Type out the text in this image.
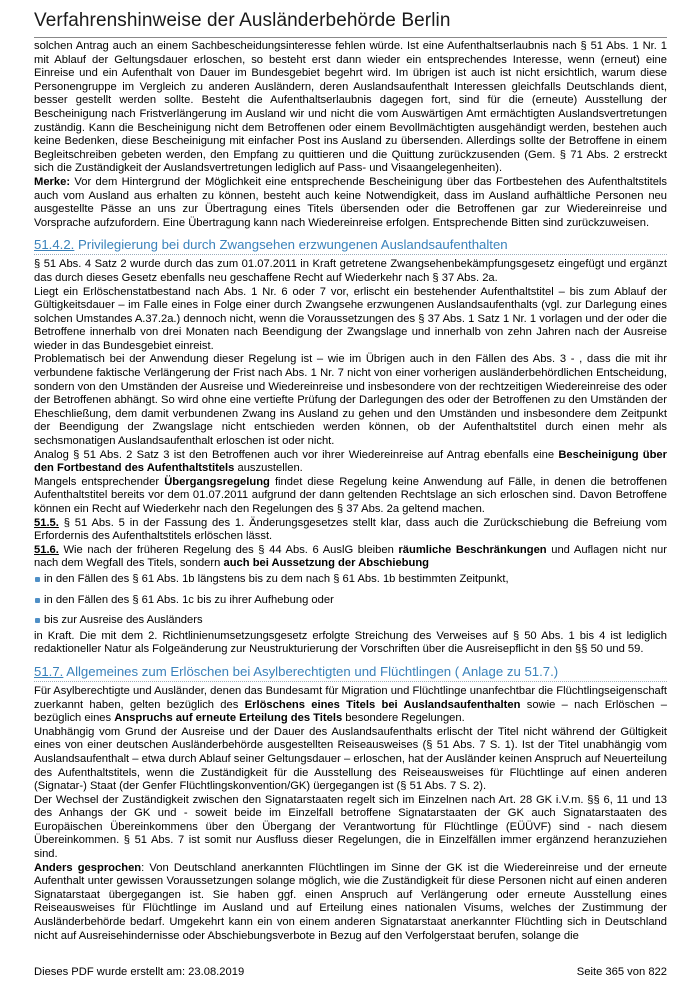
Verfahrenshinweise der Ausländerbehörde Berlin

solchen Antrag auch an einem Sachbescheidungsinteresse fehlen würde. Ist eine Aufenthaltserlaubnis nach § 51 Abs. 1 Nr. 1 mit Ablauf der Geltungsdauer erloschen, so besteht erst dann wieder ein entsprechendes Interesse, wenn (erneut) eine Einreise und ein Aufenthalt von Dauer im Bundesgebiet begehrt wird. Im übrigen ist auch ist nicht ersichtlich, warum diese Personengruppe im Vergleich zu anderen Ausländern, deren Auslandsaufenthalt Interessen gleichfalls Deutschlands dient, besser gestellt werden sollte. Besteht die Aufenthaltserlaubnis dagegen fort, sind für die (erneute) Ausstellung der Bescheinigung nach Fristverlängerung im Ausland wir und nicht die vom Auswärtigen Amt ermächtigten Auslandsvertretungen zuständig. Kann die Bescheinigung nicht dem Betroffenen oder einem Bevollmächtigten ausgehändigt werden, bestehen auch keine Bedenken, diese Bescheinigung mit einfacher Post ins Ausland zu übersenden. Allerdings sollte der Betroffene in einem Begleitschreiben gebeten werden, den Empfang zu quittieren und die Quittung zurückzusenden (Gem. § 71 Abs. 2 erstreckt sich die Zuständigkeit der Auslandsvertretungen lediglich auf Pass- und Visaangelegenheiten).

Merke: Vor dem Hintergrund der Möglichkeit eine entsprechende Bescheinigung über das Fortbestehen des Aufenthaltstitels auch vom Ausland aus erhalten zu können, besteht auch keine Notwendigkeit, dass im Ausland aufhältliche Personen neu ausgestellte Pässe an uns zur Übertragung eines Titels übersenden oder die Betroffenen gar zur Wiedereinreise und Vorsprache aufzufordern. Eine Übertragung kann nach Wiedereinreise erfolgen. Entsprechende Bitten sind zurückzuweisen.

51.4.2. Privilegierung bei durch Zwangsehen erzwungenen Auslandsaufenthalten

§ 51 Abs. 4 Satz 2 wurde durch das zum 01.07.2011 in Kraft getretene Zwangsehenbekämpfungsgesetz eingefügt und ergänzt das durch dieses Gesetz ebenfalls neu geschaffene Recht auf Wiederkehr nach § 37 Abs. 2a.

Liegt ein Erlöschenstatbestand nach Abs. 1 Nr. 6 oder 7 vor, erlischt ein bestehender Aufenthaltstitel – bis zum Ablauf der Gültigkeitsdauer – im Falle eines in Folge einer durch Zwangsehe erzwungenen Auslandsaufenthalts (vgl. zur Darlegung eines solchen Umstandes A.37.2a.) dennoch nicht, wenn die Voraussetzungen des § 37 Abs. 1 Satz 1 Nr. 1 vorlagen und der oder die Betroffene innerhalb von drei Monaten nach Beendigung der Zwangslage und innerhalb von zehn Jahren nach der Ausreise wieder in das Bundesgebiet einreist.

Problematisch bei der Anwendung dieser Regelung ist – wie im Übrigen auch in den Fällen des Abs. 3 - , dass die mit ihr verbundene faktische Verlängerung der Frist nach Abs. 1 Nr. 7 nicht von einer vorherigen ausländerbehördlichen Entscheidung, sondern von den Umständen der Ausreise und Wiedereinreise und insbesondere von der rechtzeitigen Wiedereinreise des oder der Betroffenen abhängt. So wird ohne eine vertiefte Prüfung der Darlegungen des oder der Betroffenen zu den Umständen der Eheschließung, dem damit verbundenen Zwang ins Ausland zu gehen und den Umständen und insbesondere dem Zeitpunkt der Beendigung der Zwangslage nicht entschieden werden können, ob der Aufenthaltstitel durch einen mehr als sechsmonatigen Auslandsaufenthalt erloschen ist oder nicht.

Analog § 51 Abs. 2 Satz 3 ist den Betroffenen auch vor ihrer Wiedereinreise auf Antrag ebenfalls eine Bescheinigung über den Fortbestand des Aufenthaltstitels auszustellen.

Mangels entsprechender Übergangsregelung findet diese Regelung keine Anwendung auf Fälle, in denen die betroffenen Aufenthaltstitel bereits vor dem 01.07.2011 aufgrund der dann geltenden Rechtslage an sich erloschen sind. Davon Betroffene können ein Recht auf Wiederkehr nach den Regelungen des § 37 Abs. 2a geltend machen.

51.5. § 51 Abs. 5 in der Fassung des 1. Änderungsgesetzes stellt klar, dass auch die Zurückschiebung die Befreiung vom Erfordernis des Aufenthaltstitels erlöschen lässt.

51.6. Wie nach der früheren Regelung des § 44 Abs. 6 AuslG bleiben räumliche Beschränkungen und Auflagen nicht nur nach dem Wegfall des Titels, sondern auch bei Aussetzung der Abschiebung

in den Fällen des § 61 Abs. 1b längstens bis zu dem nach § 61 Abs. 1b bestimmten Zeitpunkt,
in den Fällen des § 61 Abs. 1c bis zu ihrer Aufhebung oder
bis zur Ausreise des Ausländers

in Kraft. Die mit dem 2. Richtlinienumsetzungsgesetz erfolgte Streichung des Verweises auf § 50 Abs. 1 bis 4 ist lediglich redaktioneller Natur als Folgeänderung zur Neustrukturierung der Vorschriften über die Ausreisepflicht in den §§ 50 und 59.

51.7. Allgemeines zum Erlöschen bei Asylberechtigten und Flüchtlingen ( Anlage zu 51.7.)

Für Asylberechtigte und Ausländer, denen das Bundesamt für Migration und Flüchtlinge unanfechtbar die Flüchtlingseigenschaft zuerkannt haben, gelten bezüglich des Erlöschens eines Titels bei Auslandsaufenthalten sowie – nach Erlöschen – bezüglich eines Anspruchs auf erneute Erteilung des Titels besondere Regelungen.

Unabhängig vom Grund der Ausreise und der Dauer des Auslandsaufenthalts erlischt der Titel nicht während der Gültigkeit eines von einer deutschen Ausländerbehörde ausgestellten Reiseausweises (§ 51 Abs. 7 S. 1). Ist der Titel unabhängig vom Auslandsaufenthalt – etwa durch Ablauf seiner Geltungsdauer – erloschen, hat der Ausländer keinen Anspruch auf Neuerteilung des Aufenthaltstitels, wenn die Zuständigkeit für die Ausstellung des Reiseausweises für Flüchtlinge auf einen anderen (Signatar-) Staat (der Genfer Flüchtlingskonvention/GK) üergegangen ist (§ 51 Abs. 7 S. 2).

Der Wechsel der Zuständigkeit zwischen den Signatarstaaten regelt sich im Einzelnen nach Art. 28 GK i.V.m. §§ 6, 11 und 13 des Anhangs der GK und - soweit beide im Einzelfall betroffene Signatarstaaten der GK auch Signatarstaaten des Europäischen Übereinkommens über den Übergang der Verantwortung für Flüchtlinge (EÜÜVF) sind - nach diesem Übereinkommen. § 51 Abs. 7 ist somit nur Ausfluss dieser Regelungen, die in Einzelfällen immer ergänzend heranzuziehen sind.

Anders gesprochen: Von Deutschland anerkannten Flüchtlingen im Sinne der GK ist die Wiedereinreise und der erneute Aufenthalt unter gewissen Voraussetzungen solange möglich, wie die Zuständigkeit für diese Personen nicht auf einen anderen Signatarstaat übergegangen ist. Sie haben ggf. einen Anspruch auf Verlängerung oder erneute Ausstellung eines Reiseausweises für Flüchtlinge im Ausland und auf Erteilung eines nationalen Visums, welches der Zustimmung der Ausländerbehörde bedarf. Umgekehrt kann ein von einem anderen Signatarstaat anerkannter Flüchtling sich in Deutschland nicht auf Ausreisehindernisse oder Abschiebungsverbote in Bezug auf den Verfolgerstaat berufen, solange die

Dieses PDF wurde erstellt am: 23.08.2019	Seite 365 von 822
